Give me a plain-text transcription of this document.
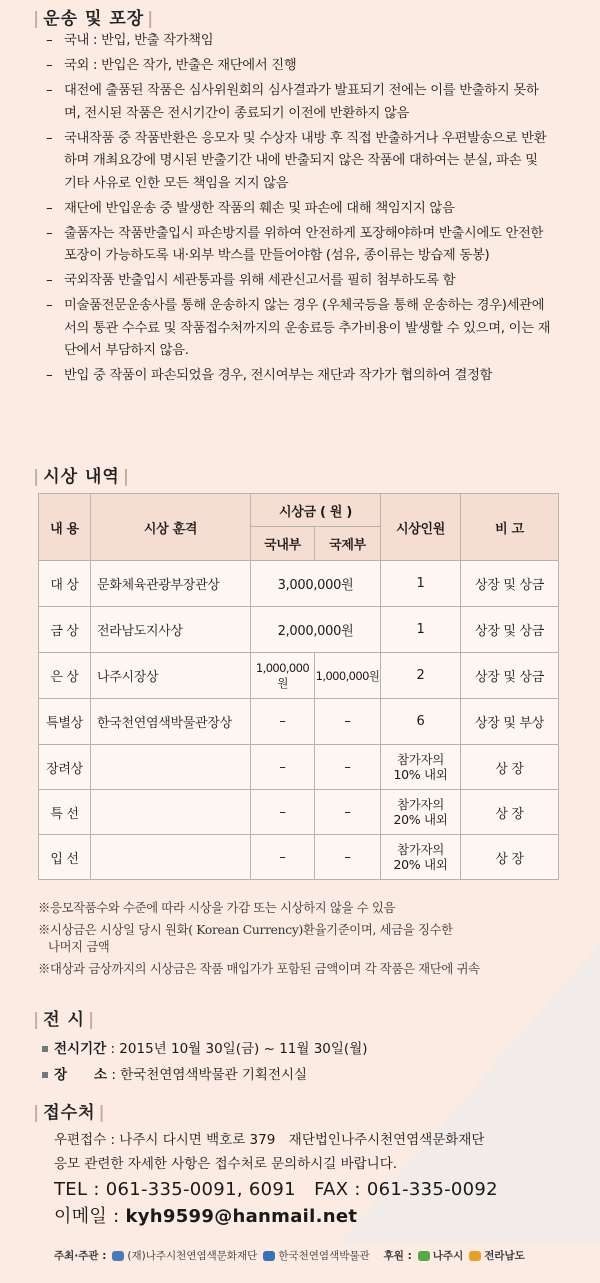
| 운송 및 포장 |
– 국내 : 반입, 반출 작가책임
– 국외 : 반입은 작가, 반출은 재단에서 진행
– 대전에 출품된 작품은 심사위원회의 심사결과가 발표되기 전에는 이를 반출하지 못하며, 전시된 작품은 전시기간이 종료되기 이전에 반환하지 않음
– 국내작품 중 작품반환은 응모자 및 수상자 내방 후 직접 반출하거나 우편발송으로 반환하며 개최요강에 명시된 반출기간 내에 반출되지 않은 작품에 대하여는 분실, 파손 및 기타 사유로 인한 모든 책임을 지지 않음
– 재단에 반입운송 중 발생한 작품의 훼손 및 파손에 대해 책임지지 않음
– 출품자는 작품반출입시 파손방지를 위하여 안전하게 포장해야하며 반출시에도 안전한 포장이 가능하도록 내·외부 박스를 만들어야함 (섬유, 종이류는 방습제 동봉)
– 국외작품 반출입시 세관통과를 위해 세관신고서를 필히 첨부하도록 함
– 미술품전문운송사를 통해 운송하지 않는 경우 (우체국등을 통해 운송하는 경우)세관에서의 통관 수수료 및 작품접수처까지의 운송료등 추가비용이 발생할 수 있으며, 이는 재단에서 부담하지 않음.
– 반입 중 작품이 파손되었을 경우, 전시여부는 재단과 작가가 협의하여 결정함
| 시상 내역 |
내 용	시상 훈격	시상금 ( 원 )		시상인원	비 고
		국내부	국제부		
대 상	문화체육관광부장관상	3,000,000원		1	상장 및 상금
금 상	전라남도지사상	2,000,000원		1	상장 및 상금
은 상	나주시장상	1,000,000원	1,000,000원	2	상장 및 상금
특별상	한국천연염색박물관장상	–	–	6	상장 및 부상
장려상		–	–	참가자의
10% 내외	상 장
특 선		–	–	참가자의
20% 내외	상 장
입 선		–	–	참가자의
20% 내외	상 장
※응모작품수와 수준에 따라 시상을 가감 또는 시상하지 않을 수 있음
※시상금은 시상일 당시 원화( Korean Currency)환율기준이며, 세금을 징수한
나머지 금액
※대상과 금상까지의 시상금은 작품 매입가가 포함된 금액이며 각 작품은 재단에 귀속
| 전 시 |
전시기간 : 2015년 10월 30일(금) ~ 11월 30일(월)
장　　소 : 한국천연염색박물관 기획전시실
| 접수처 |
우편접수 : 나주시 다시면 백호로 379　재단법인나주시천연염색문화재단
응모 관련한 자세한 사항은 접수처로 문의하시길 바랍니다.
TEL : 061-335-0091, 6091　FAX : 061-335-0092
이메일 : kyh9599@hanmail.net
주최·주관 : (재)나주시천연염색문화재단 한국천연염색박물관 후원 : 나주시 전라남도
